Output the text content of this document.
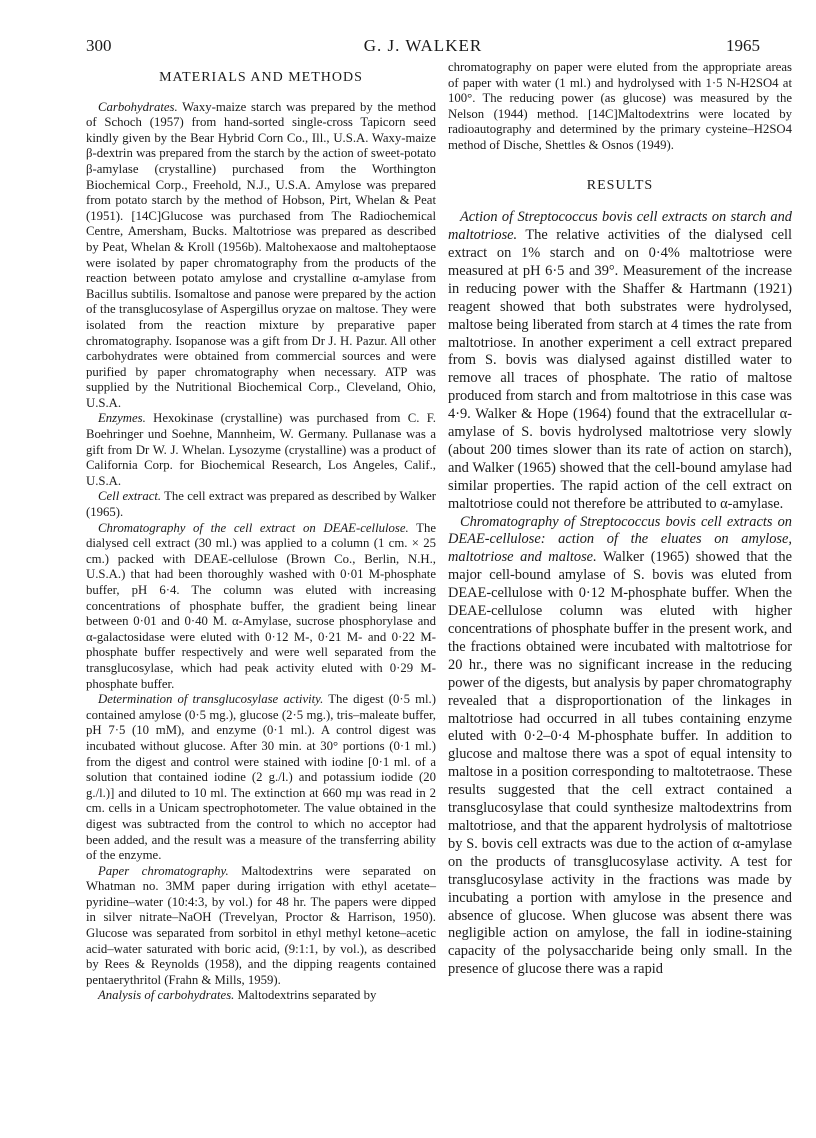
300	G. J. WALKER	1965
MATERIALS AND METHODS

Carbohydrates. Waxy-maize starch was prepared by the method of Schoch (1957) from hand-sorted single-cross Tapicorn seed kindly given by the Bear Hybrid Corn Co., Ill., U.S.A. Waxy-maize β-dextrin was prepared from the starch by the action of sweet-potato β-amylase (crystalline) purchased from the Worthington Biochemical Corp., Freehold, N.J., U.S.A. Amylose was prepared from potato starch by the method of Hobson, Pirt, Whelan & Peat (1951). [14C]Glucose was purchased from The Radiochemical Centre, Amersham, Bucks. Maltotriose was prepared as described by Peat, Whelan & Kroll (1956b). Maltohexaose and maltoheptaose were isolated by paper chromatography from the products of the reaction between potato amylose and crystalline α-amylase from Bacillus subtilis. Isomaltose and panose were prepared by the action of the transglucosylase of Aspergillus oryzae on maltose. They were isolated from the reaction mixture by preparative paper chromatography. Isopanose was a gift from Dr J. H. Pazur. All other carbohydrates were obtained from commercial sources and were purified by paper chromatography when necessary. ATP was supplied by the Nutritional Biochemical Corp., Cleveland, Ohio, U.S.A.

Enzymes. Hexokinase (crystalline) was purchased from C. F. Boehringer und Soehne, Mannheim, W. Germany. Pullanase was a gift from Dr W. J. Whelan. Lysozyme (crystalline) was a product of California Corp. for Biochemical Research, Los Angeles, Calif., U.S.A.

Cell extract. The cell extract was prepared as described by Walker (1965).

Chromatography of the cell extract on DEAE-cellulose. The dialysed cell extract (30 ml.) was applied to a column (1 cm. × 25 cm.) packed with DEAE-cellulose (Brown Co., Berlin, N.H., U.S.A.) that had been thoroughly washed with 0·01 M-phosphate buffer, pH 6·4. The column was eluted with increasing concentrations of phosphate buffer, the gradient being linear between 0·01 and 0·40 M. α-Amylase, sucrose phosphorylase and α-galactosidase were eluted with 0·12 M-, 0·21 M- and 0·22 M-phosphate buffer respectively and were well separated from the transglucosylase, which had peak activity eluted with 0·29 M-phosphate buffer.

Determination of transglucosylase activity. The digest (0·5 ml.) contained amylose (0·5 mg.), glucose (2·5 mg.), tris–maleate buffer, pH 7·5 (10 mM), and enzyme (0·1 ml.). A control digest was incubated without glucose. After 30 min. at 30° portions (0·1 ml.) from the digest and control were stained with iodine [0·1 ml. of a solution that contained iodine (2 g./l.) and potassium iodide (20 g./l.)] and diluted to 10 ml. The extinction at 660 mμ was read in 2 cm. cells in a Unicam spectrophotometer. The value obtained in the digest was subtracted from the control to which no acceptor had been added, and the result was a measure of the transferring ability of the enzyme.

Paper chromatography. Maltodextrins were separated on Whatman no. 3MM paper during irrigation with ethyl acetate–pyridine–water (10:4:3, by vol.) for 48 hr. The papers were dipped in silver nitrate–NaOH (Trevelyan, Proctor & Harrison, 1950). Glucose was separated from sorbitol in ethyl methyl ketone–acetic acid–water saturated with boric acid, (9:1:1, by vol.), as described by Rees & Reynolds (1958), and the dipping reagents contained pentaerythritol (Frahn & Mills, 1959).

Analysis of carbohydrates. Maltodextrins separated by

chromatography on paper were eluted from the appropriate areas of paper with water (1 ml.) and hydrolysed with 1·5 N-H2SO4 at 100°. The reducing power (as glucose) was measured by the Nelson (1944) method. [14C]Maltodextrins were located by radioautography and determined by the primary cysteine–H2SO4 method of Dische, Shettles & Osnos (1949).

RESULTS

Action of Streptococcus bovis cell extracts on starch and maltotriose. The relative activities of the dialysed cell extract on 1% starch and on 0·4% maltotriose were measured at pH 6·5 and 39°. Measurement of the increase in reducing power with the Shaffer & Hartmann (1921) reagent showed that both substrates were hydrolysed, maltose being liberated from starch at 4 times the rate from maltotriose. In another experiment a cell extract prepared from S. bovis was dialysed against distilled water to remove all traces of phosphate. The ratio of maltose produced from starch and from maltotriose in this case was 4·9. Walker & Hope (1964) found that the extracellular α-amylase of S. bovis hydrolysed maltotriose very slowly (about 200 times slower than its rate of action on starch), and Walker (1965) showed that the cell-bound amylase had similar properties. The rapid action of the cell extract on maltotriose could not therefore be attributed to α-amylase.

Chromatography of Streptococcus bovis cell extracts on DEAE-cellulose: action of the eluates on amylose, maltotriose and maltose. Walker (1965) showed that the major cell-bound amylase of S. bovis was eluted from DEAE-cellulose with 0·12 M-phosphate buffer. When the DEAE-cellulose column was eluted with higher concentrations of phosphate buffer in the present work, and the fractions obtained were incubated with maltotriose for 20 hr., there was no significant increase in the reducing power of the digests, but analysis by paper chromatography revealed that a disproportionation of the linkages in maltotriose had occurred in all tubes containing enzyme eluted with 0·2–0·4 M-phosphate buffer. In addition to glucose and maltose there was a spot of equal intensity to maltose in a position corresponding to maltotetraose. These results suggested that the cell extract contained a transglucosylase that could synthesize maltodextrins from maltotriose, and that the apparent hydrolysis of maltotriose by S. bovis cell extracts was due to the action of α-amylase on the products of transglucosylase activity. A test for transglucosylase activity in the fractions was made by incubating a portion with amylose in the presence and absence of glucose. When glucose was absent there was negligible action on amylose, the fall in iodine-staining capacity of the polysaccharide being only small. In the presence of glucose there was a rapid
